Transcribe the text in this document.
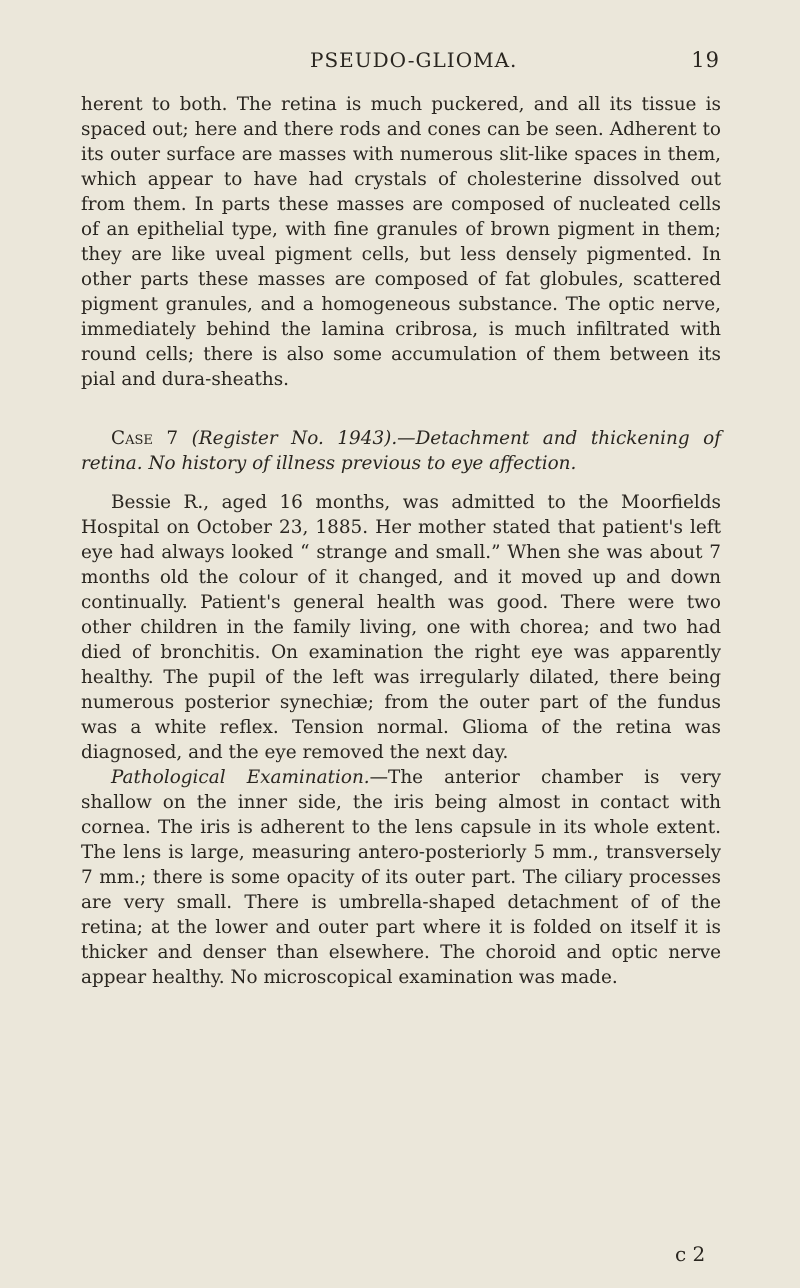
PSEUDO-GLIOMA.	19

herent to both. The retina is much puckered, and all its tissue is spaced out; here and there rods and cones can be seen. Adherent to its outer surface are masses with numerous slit-like spaces in them, which appear to have had crystals of cholesterine dissolved out from them. In parts these masses are composed of nucleated cells of an epithelial type, with fine granules of brown pigment in them; they are like uveal pigment cells, but less densely pigmented. In other parts these masses are composed of fat globules, scattered pigment granules, and a homogeneous substance. The optic nerve, immediately behind the lamina cribrosa, is much infiltrated with round cells; there is also some accumulation of them between its pial and dura-sheaths.

Case 7 (Register No. 1943).—Detachment and thickening of retina. No history of illness previous to eye affection.

Bessie R., aged 16 months, was admitted to the Moorfields Hospital on October 23, 1885. Her mother stated that patient's left eye had always looked “ strange and small.” When she was about 7 months old the colour of it changed, and it moved up and down continually. Patient's general health was good. There were two other children in the family living, one with chorea; and two had died of bronchitis. On examination the right eye was apparently healthy. The pupil of the left was irregularly dilated, there being numerous posterior synechiæ; from the outer part of the fundus was a white reflex. Tension normal. Glioma of the retina was diagnosed, and the eye removed the next day.

Pathological Examination.—The anterior chamber is very shallow on the inner side, the iris being almost in contact with cornea. The iris is adherent to the lens capsule in its whole extent. The lens is large, measuring antero-posteriorly 5 mm., transversely 7 mm.; there is some opacity of its outer part. The ciliary processes are very small. There is umbrella-shaped detachment of of the retina; at the lower and outer part where it is folded on itself it is thicker and denser than elsewhere. The choroid and optic nerve appear healthy. No microscopical examination was made.

c 2
